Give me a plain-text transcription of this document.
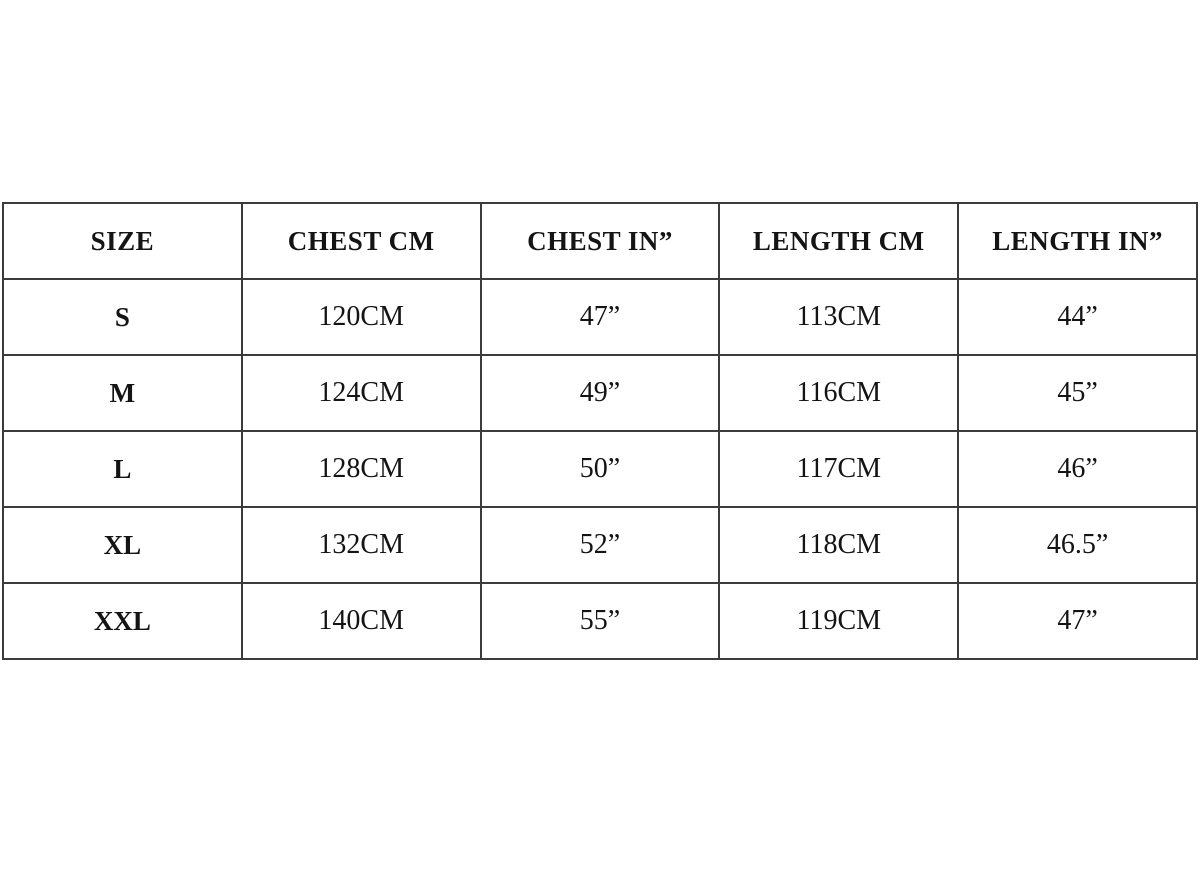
SIZE	CHEST CM	CHEST IN”	LENGTH CM	LENGTH IN”
S	120CM	47”	113CM	44”
M	124CM	49”	116CM	45”
L	128CM	50”	117CM	46”
XL	132CM	52”	118CM	46.5”
XXL	140CM	55”	119CM	47”
